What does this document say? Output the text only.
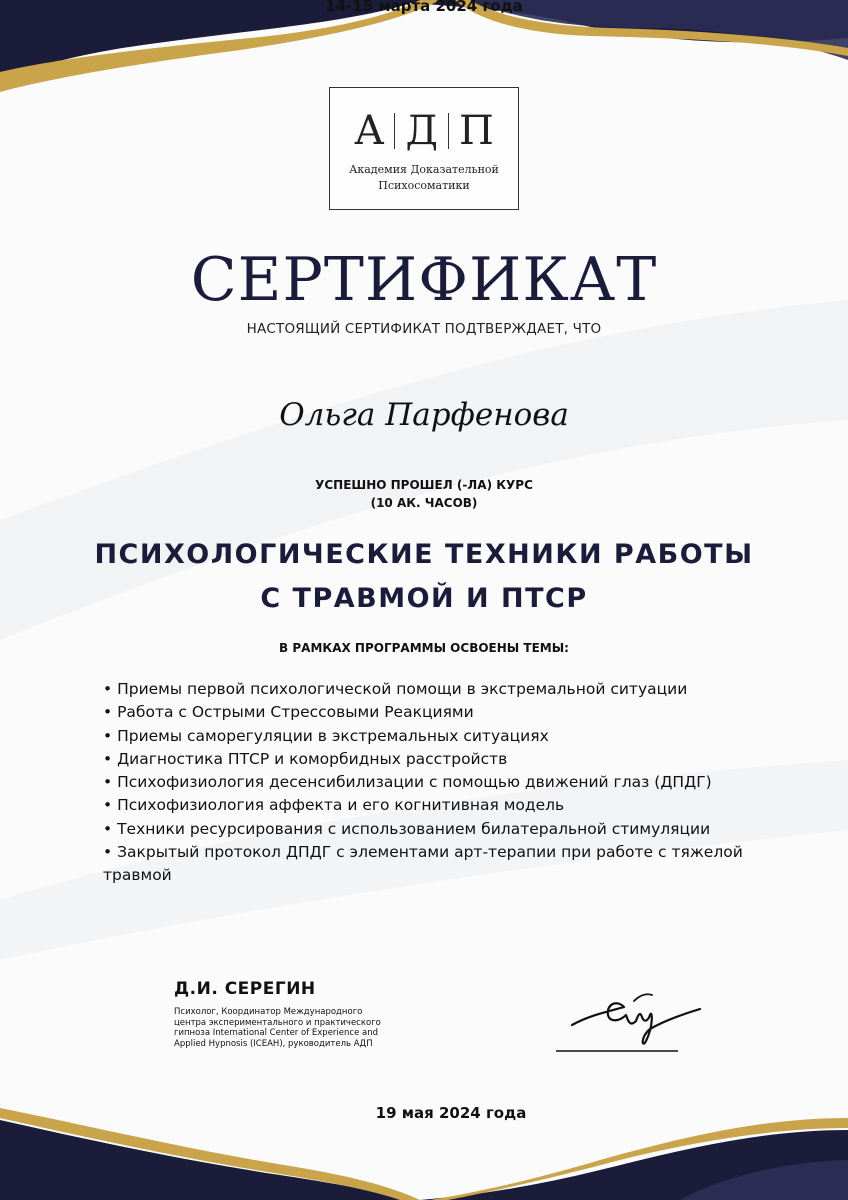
14-15 марта 2024 года
А Д П
Академия Доказательной
Психосоматики
СЕРТИФИКАТ
НАСТОЯЩИЙ СЕРТИФИКАТ ПОДТВЕРЖДАЕТ, ЧТО
Ольга Парфенова
УСПЕШНО ПРОШЕЛ (-ЛА) КУРС
(10 АК. ЧАСОВ)
ПСИХОЛОГИЧЕСКИЕ ТЕХНИКИ РАБОТЫ
С ТРАВМОЙ И ПТСР
В РАМКАХ ПРОГРАММЫ ОСВОЕНЫ ТЕМЫ:
• Приемы первой психологической помощи в экстремальной ситуации
• Работа с Острыми Стрессовыми Реакциями
• Приемы саморегуляции в экстремальных ситуациях
• Диагностика ПТСР и коморбидных расстройств
• Психофизиология десенсибилизации с помощью движений глаз (ДПДГ)
• Психофизиология аффекта и его когнитивная модель
• Техники ресурсирования с использованием билатеральной стимуляции
• Закрытый протокол ДПДГ с элементами арт-терапии при работе с тяжелой травмой
Д.И. СЕРЕГИН
Психолог, Координатор Международного центра экспериментального и практического гипноза International Center of Experience and Applied Hypnosis (ICEAH), руководитель АДП
19 мая 2024 года
